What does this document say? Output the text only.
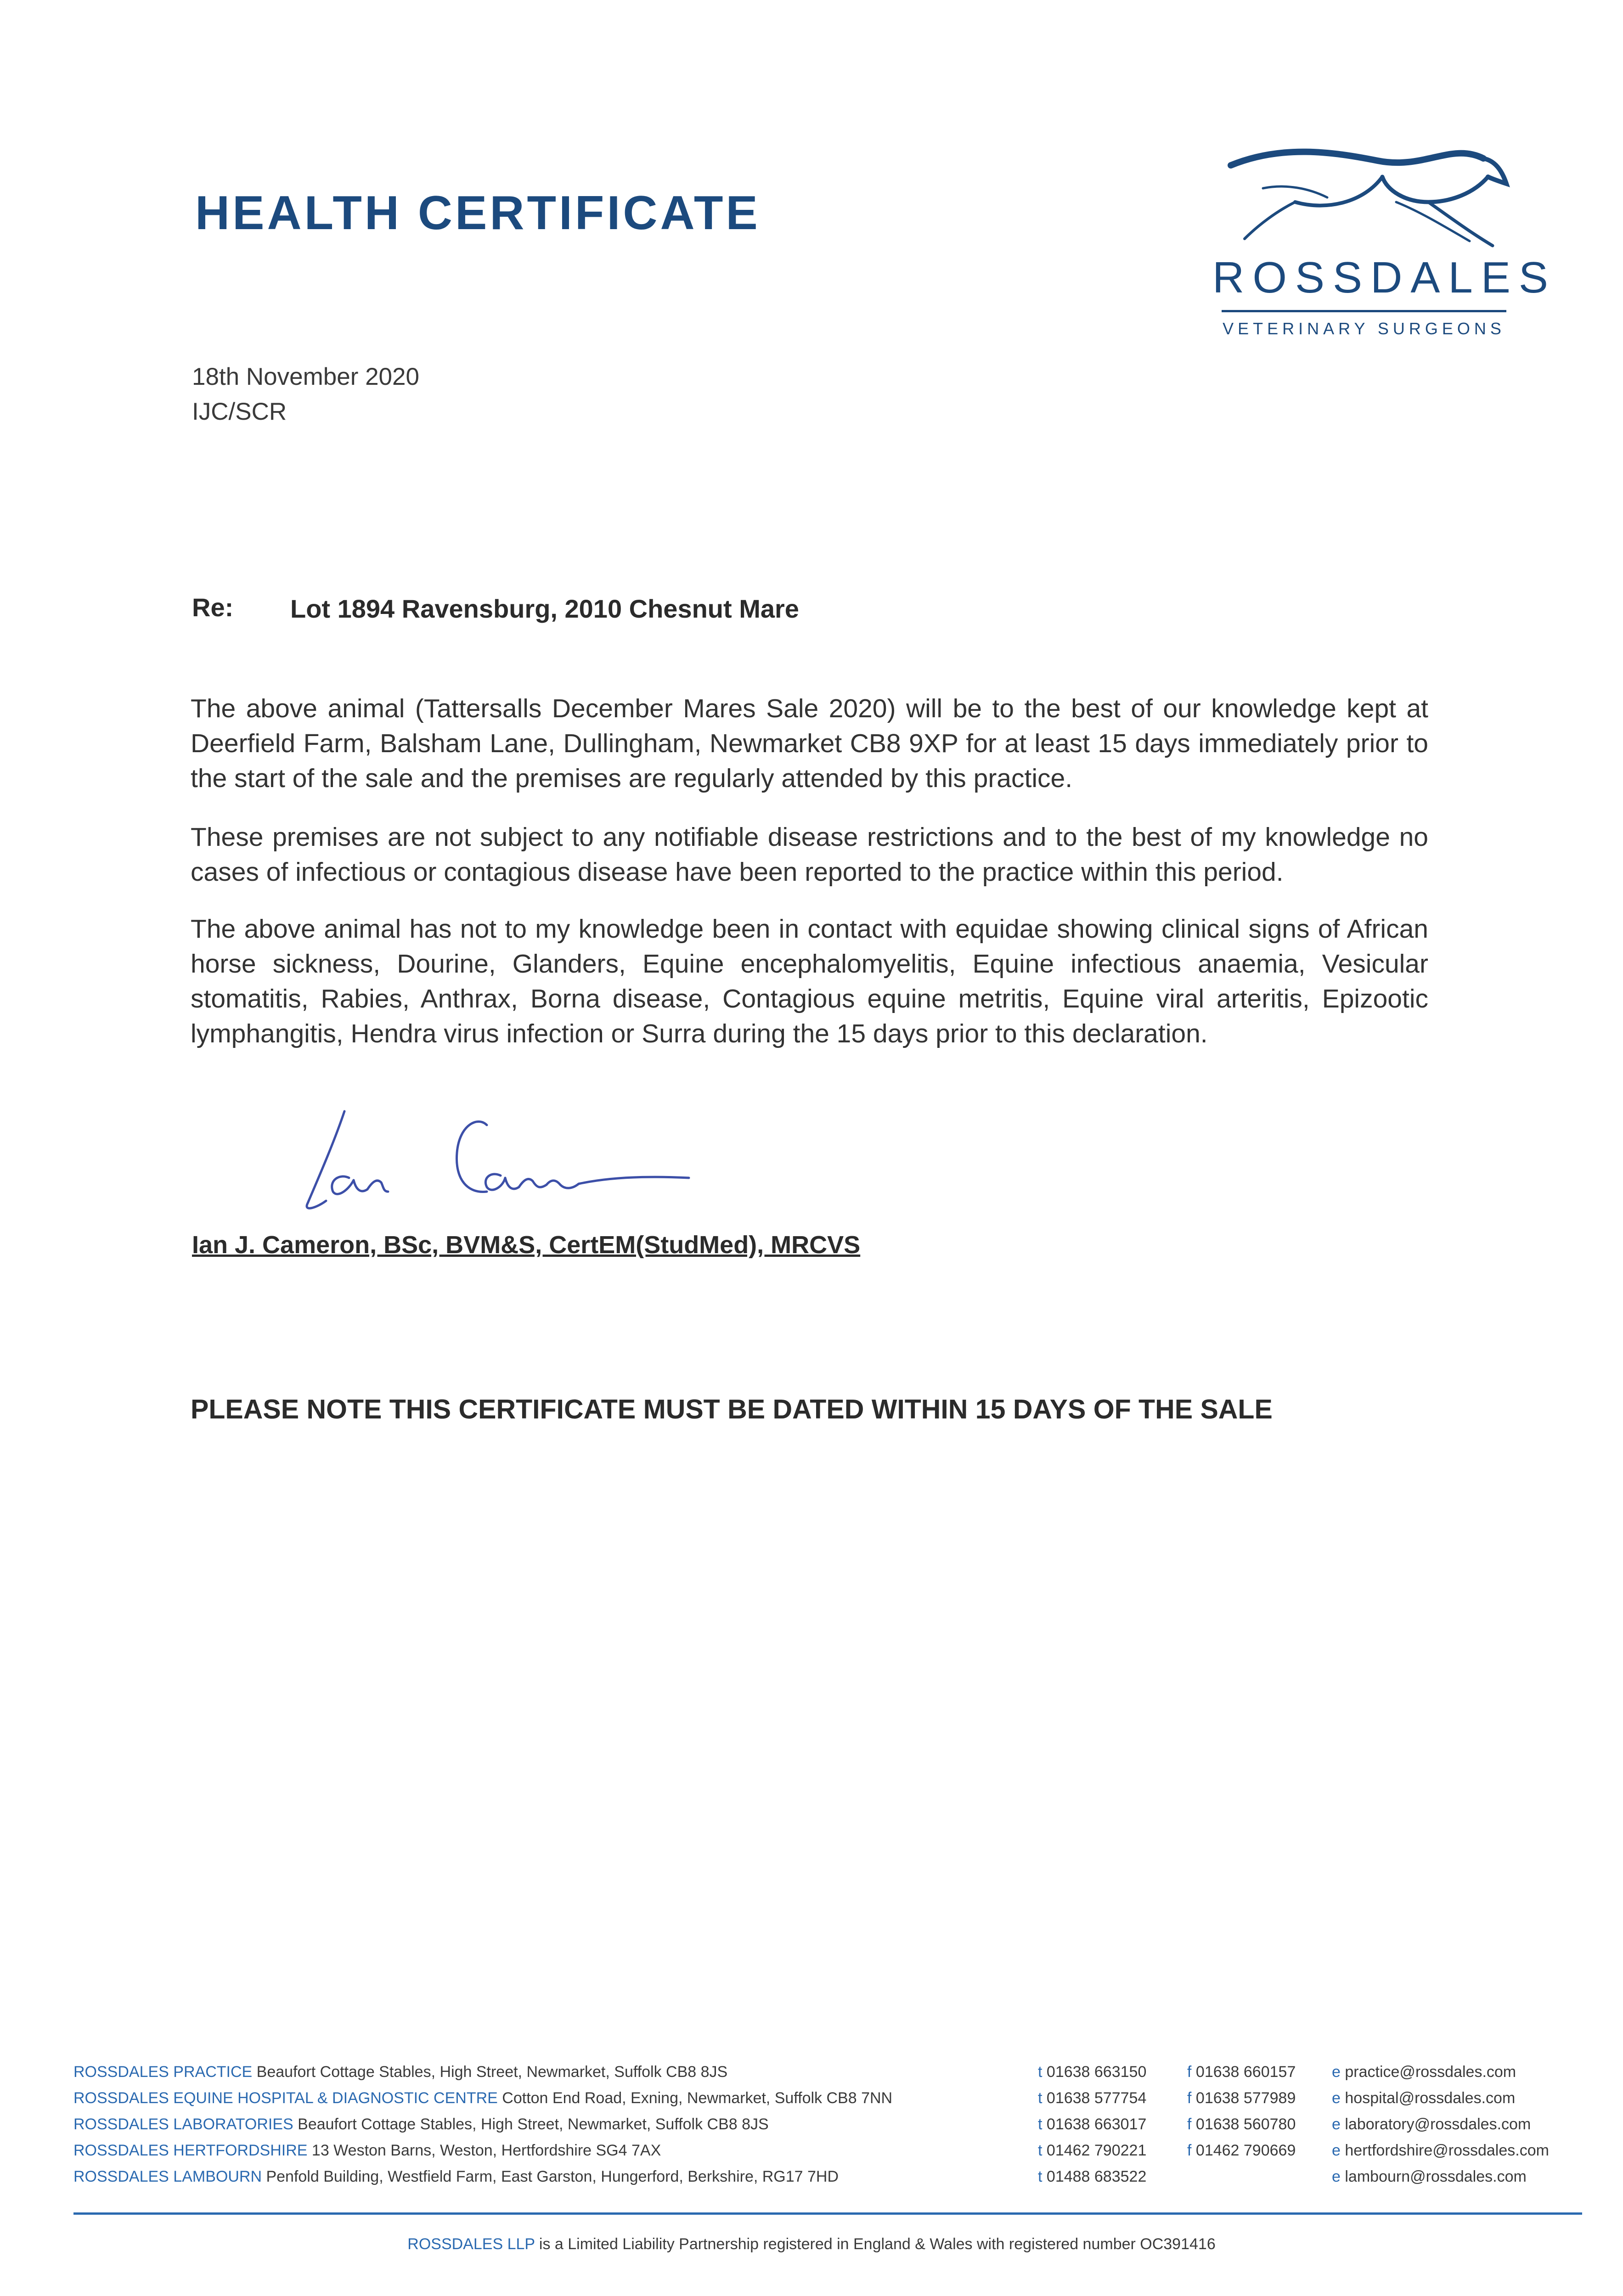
HEALTH CERTIFICATE
ROSSDALES
VETERINARY SURGEONS
18th November 2020
IJC/SCR
Re: Lot 1894 Ravensburg, 2010 Chesnut Mare

The above animal (Tattersalls December Mares Sale 2020) will be to the best of our knowledge kept at Deerfield Farm, Balsham Lane, Dullingham, Newmarket CB8 9XP for at least 15 days immediately prior to the start of the sale and the premises are regularly attended by this practice.

These premises are not subject to any notifiable disease restrictions and to the best of my knowledge no cases of infectious or contagious disease have been reported to the practice within this period.

The above animal has not to my knowledge been in contact with equidae showing clinical signs of African horse sickness, Dourine, Glanders, Equine encephalomyelitis, Equine infectious anaemia, Vesicular stomatitis, Rabies, Anthrax, Borna disease, Contagious equine metritis, Equine viral arteritis, Epizootic lymphangitis, Hendra virus infection or Surra during the 15 days prior to this declaration.

Ian J. Cameron, BSc, BVM&S, CertEM(StudMed), MRCVS
PLEASE NOTE THIS CERTIFICATE MUST BE DATED WITHIN 15 DAYS OF THE SALE
ROSSDALES PRACTICE Beaufort Cottage Stables, High Street, Newmarket, Suffolk CB8 8JS
ROSSDALES EQUINE HOSPITAL & DIAGNOSTIC CENTRE Cotton End Road, Exning, Newmarket, Suffolk CB8 7NN
ROSSDALES LABORATORIES Beaufort Cottage Stables, High Street, Newmarket, Suffolk CB8 8JS
ROSSDALES HERTFORDSHIRE 13 Weston Barns, Weston, Hertfordshire SG4 7AX
ROSSDALES LAMBOURN Penfold Building, Westfield Farm, East Garston, Hungerford, Berkshire, RG17 7HD
t 01638 663150
t 01638 577754
t 01638 663017
t 01462 790221
t 01488 683522
f 01638 660157
f 01638 577989
f 01638 560780
f 01462 790669
e practice@rossdales.com
e hospital@rossdales.com
e laboratory@rossdales.com
e hertfordshire@rossdales.com
e lambourn@rossdales.com
ROSSDALES LLP is a Limited Liability Partnership registered in England & Wales with registered number OC391416
